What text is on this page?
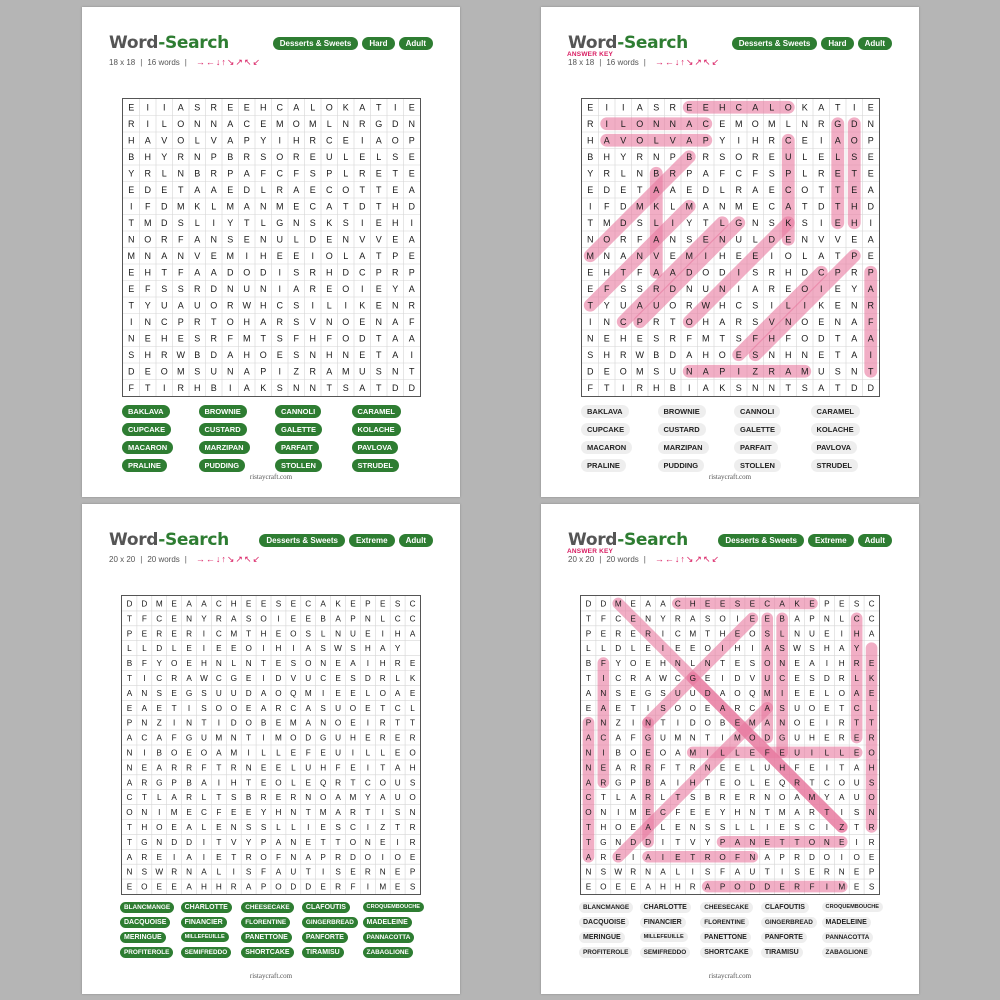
Word-Search	Desserts & Sweets	Hard	Adult
18 x 18 | 16 words | →←↓↑↘↗↖↙
E I I A S R E E H C A L O K A T I E
R I L O N N A C E M O M L N R G D N
H A V O L V A P Y I H R C E I A O P
B H Y R N P B R S O R E U L E L S E
Y R L N B R P A F C F S P L R E T E
E D E T A A E D L R A E C O T T E A
I F D M K L M A N M E C A T D T H D
T M D S L I Y T L G N S K S I E H I
N O R F A N S E N U L D E N V V E A
M N A N V E M I H E E I O L A T P E
E H T F A A D O D I S R H D C P R P
E F S S R D N U N I A R E O I E Y A
T Y U A U O R W H C S I L I K E N R
I N C P R T O H A R S V N O E N A F
N E H E S R F M T S F H F O D T A A
S H R W B D A H O E S N H N E T A I
D E O M S U N A P I Z R A M U S N T
F T I R H B I A K S N N T S A T D D
BAKLAVA	BROWNIE	CANNOLI	CARAMEL
CUPCAKE	CUSTARD	GALETTE	KOLACHE
MACARON	MARZIPAN	PARFAIT	PAVLOVA
PRALINE	PUDDING	STOLLEN	STRUDEL
ristaycraft.com
Word-Search
ANSWER KEY
Desserts & Sweets	Hard	Adult
18 x 18 | 16 words | →←↓↑↘↗↖↙
E I I A S R E E H C A L O K A T I E
R I L O N N A C E M O M L N R G D N
H A V O L V A P Y I H R C E I A O P
B H Y R N P B R S O R E U L E L S E
Y R L N B R P A F C F S P L R E T E
E D E T A A E D L R A E C O T T E A
I F D M K L M A N M E C A T D T H D
T M D S L I Y T L G N S K S I E H I
N O R F A N S E N U L D E N V V E A
M N A N V E M I H E E I O L A T P E
E H T F A A D O D I S R H D C P R P
E F S S R D N U N I A R E O I E Y A
T Y U A U O R W H C S I L I K E N R
I N C P R T O H A R S V N O E N A F
N E H E S R F M T S F H F O D T A A
S H R W B D A H O E S N H N E T A I
D E O M S U N A P I Z R A M U S N T
F T I R H B I A K S N N T S A T D D
BAKLAVA	BROWNIE	CANNOLI	CARAMEL
CUPCAKE	CUSTARD	GALETTE	KOLACHE
MACARON	MARZIPAN	PARFAIT	PAVLOVA
PRALINE	PUDDING	STOLLEN	STRUDEL
ristaycraft.com
Word-Search	Desserts & Sweets	Extreme	Adult
20 x 20 | 20 words | →←↓↑↘↗↖↙
D D M E A A C H E E S E C A K E P E S C
T F C E N Y R A S O I E E B A P N L C C
P E R E R I C M T H E O S L N U E I H A
L L D L E I E E O I H I A S W S H A Y
B F Y O E H N L N T E S O N E A I H R E
T I C R A W C G E I D V U C E S D R L K
A N S E G S U U D A O Q M I E E L O A E
E A E T I S O O E A R C A S U O E T C L
P N Z I N T I D O B E M A N O E I R T T
A C A F G U M N T I M O D G U H E R E R
N I B O E O A M I L L E F E U I L L E O
N E A R R F T R N E E L U H F E I T A H
A R G P B A I H T E O L E Q R T C O U S
C T L A R L T S B R E R N O A M Y A U O
O N I M E C F E E Y H N T M A R T I S N
T H O E A L E N S S L L I E S C I Z T R
T G N D D I T V Y P A N E T T O N E I R
A R E I A I E T R O F N A P R D O I O E
N S W R N A L I S F A U T I S E R N E P
E O E E A H H R A P O D D E R F I M E S
BLANCMANGE	CHARLOTTE	CHEESECAKE	CLAFOUTIS	CROQUEMBOUCHE
DACQUOISE	FINANCIER	FLORENTINE	GINGERBREAD	MADELEINE
MERINGUE	MILLEFEUILLE	PANETTONE	PANFORTE	PANNACOTTA
PROFITEROLE	SEMIFREDDO	SHORTCAKE	TIRAMISU	ZABAGLIONE
ristaycraft.com
Word-Search
ANSWER KEY
Desserts & Sweets	Extreme	Adult
20 x 20 | 20 words | →←↓↑↘↗↖↙
D D M E A A C H E E S E C A K E P E S C
T F C E N Y R A S O I E E B A P N L C C
P E R E R I C M T H E O S L N U E I H A
L L D L E I E E O I H I A S W S H A Y
B F Y O E H N L N T E S O N E A I H R E
T I C R A W C G E I D V U C E S D R L K
A N S E G S U U D A O Q M I E E L O A E
E A E T I S O O E A R C A S U O E T C L
P N Z I N T I D O B E M A N O E I R T T
A C A F G U M N T I M O D G U H E R E R
N I B O E O A M I L L E F E U I L L E O
N E A R R F T R N E E L U H F E I T A H
A R G P B A I H T E O L E Q R T C O U S
C T L A R L T S B R E R N O A M Y A U O
O N I M E C F E E Y H N T M A R T I S N
T H O E A L E N S S L L I E S C I Z T R
T G N D D I T V Y P A N E T T O N E I R
A R E I A I E T R O F N A P R D O I O E
N S W R N A L I S F A U T I S E R N E P
E O E E A H H R A P O D D E R F I M E S
BLANCMANGE	CHARLOTTE	CHEESECAKE	CLAFOUTIS	CROQUEMBOUCHE
DACQUOISE	FINANCIER	FLORENTINE	GINGERBREAD	MADELEINE
MERINGUE	MILLEFEUILLE	PANETTONE	PANFORTE	PANNACOTTA
PROFITEROLE	SEMIFREDDO	SHORTCAKE	TIRAMISU	ZABAGLIONE
ristaycraft.com
